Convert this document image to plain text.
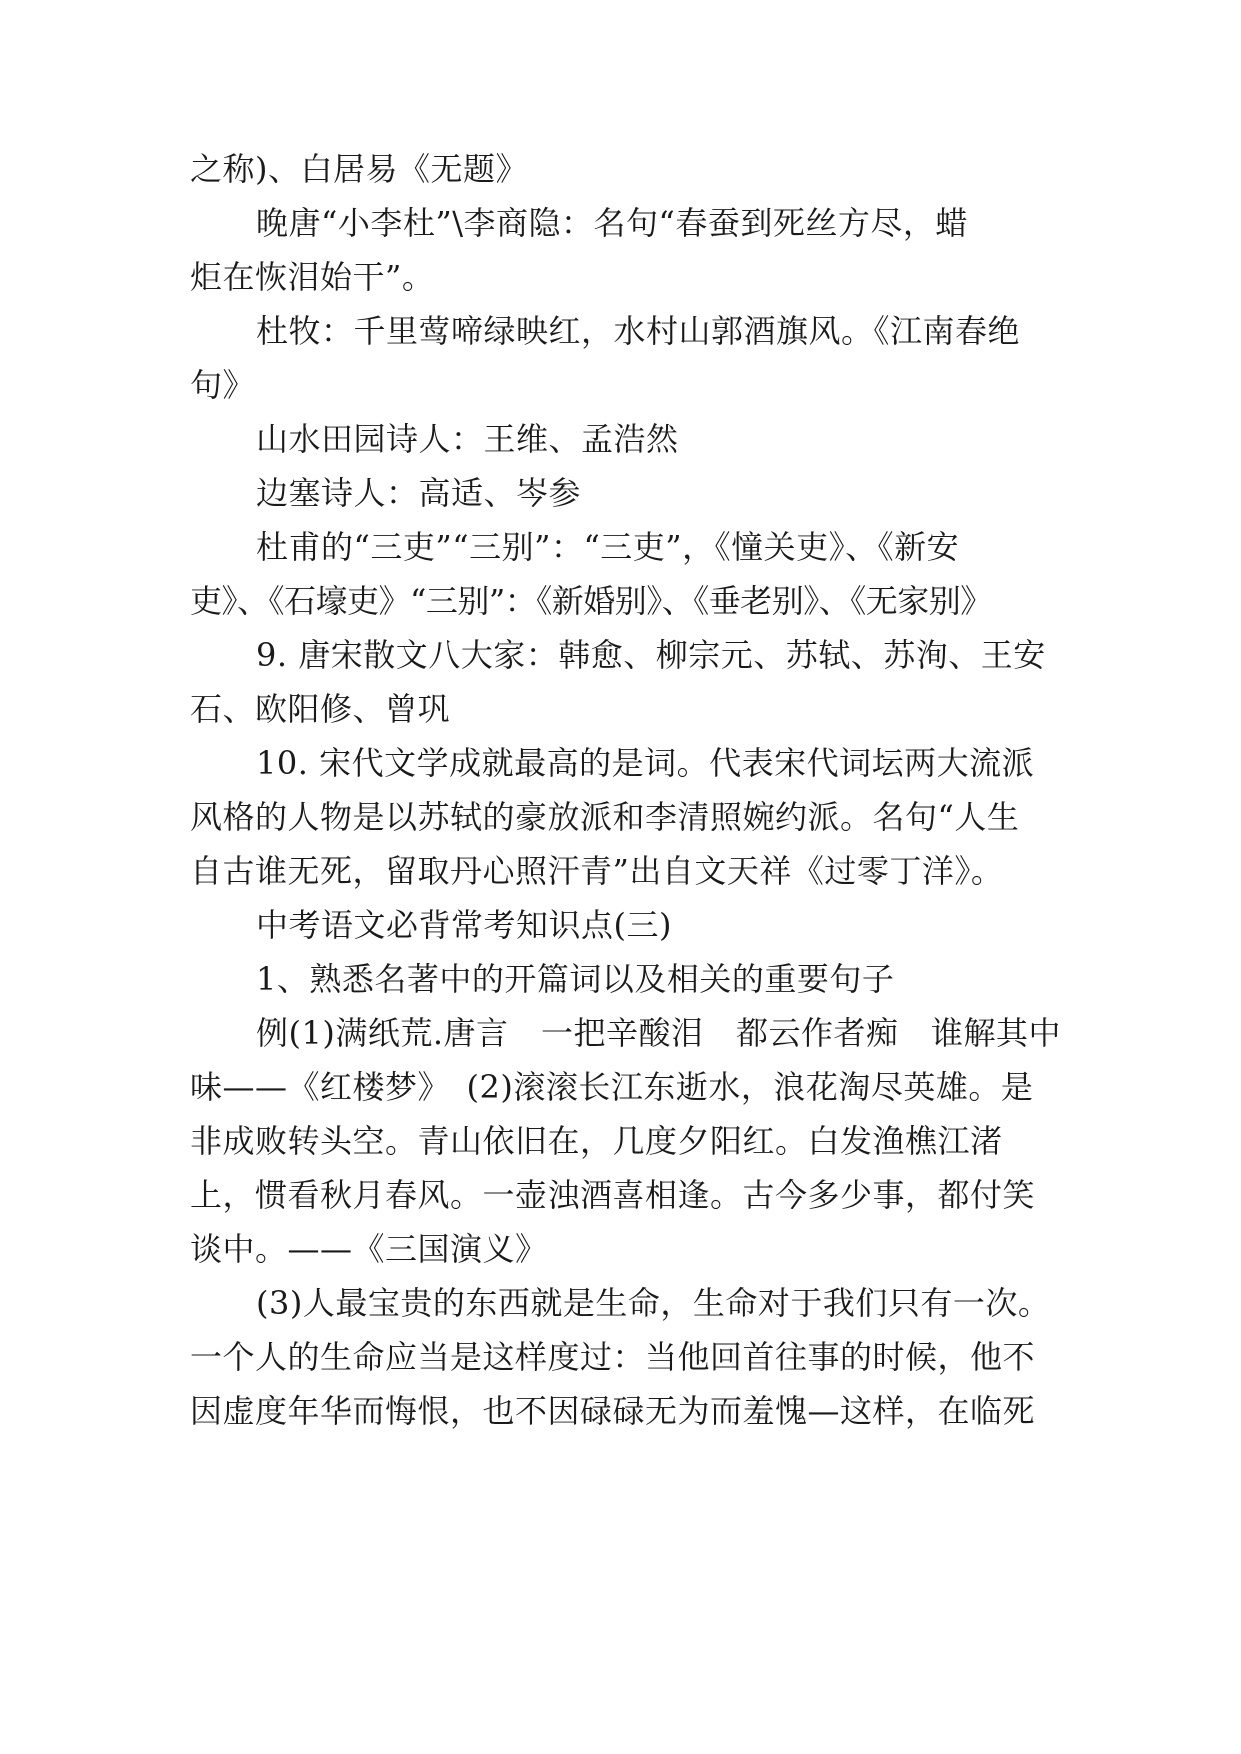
之称)、白居易《无题》
晚唐“小李杜”\李商隐：名句“春蚕到死丝方尽，蜡
炬在恢泪始干”。
杜牧：千里莺啼绿映红，水村山郭酒旗风。《江南春绝
句》
山水田园诗人：王维、孟浩然
边塞诗人：高适、岑参
杜甫的“三吏”“三别”：“三吏”，《憧关吏》、《新安
吏》、《石壕吏》“三别”：《新婚别》、《垂老别》、《无家别》
9. 唐宋散文八大家：韩愈、柳宗元、苏轼、苏洵、王安
石、欧阳修、曾巩
10. 宋代文学成就最高的是词。代表宋代词坛两大流派
风格的人物是以苏轼的豪放派和李清照婉约派。名句“人生
自古谁无死，留取丹心照汗青”出自文天祥《过零丁洋》。
中考语文必背常考知识点(三)
1、熟悉名著中的开篇词以及相关的重要句子
例(1)满纸荒.唐言　一把辛酸泪　都云作者痴　谁解其中
味——《红楼梦》　(2)滚滚长江东逝水，浪花淘尽英雄。是
非成败转头空。青山依旧在，几度夕阳红。白发渔樵江渚
上，惯看秋月春风。一壶浊酒喜相逢。古今多少事，都付笑
谈中。——《三国演义》
(3)人最宝贵的东西就是生命，生命对于我们只有一次。
一个人的生命应当是这样度过：当他回首往事的时候，他不
因虚度年华而悔恨，也不因碌碌无为而羞愧—这样，在临死
